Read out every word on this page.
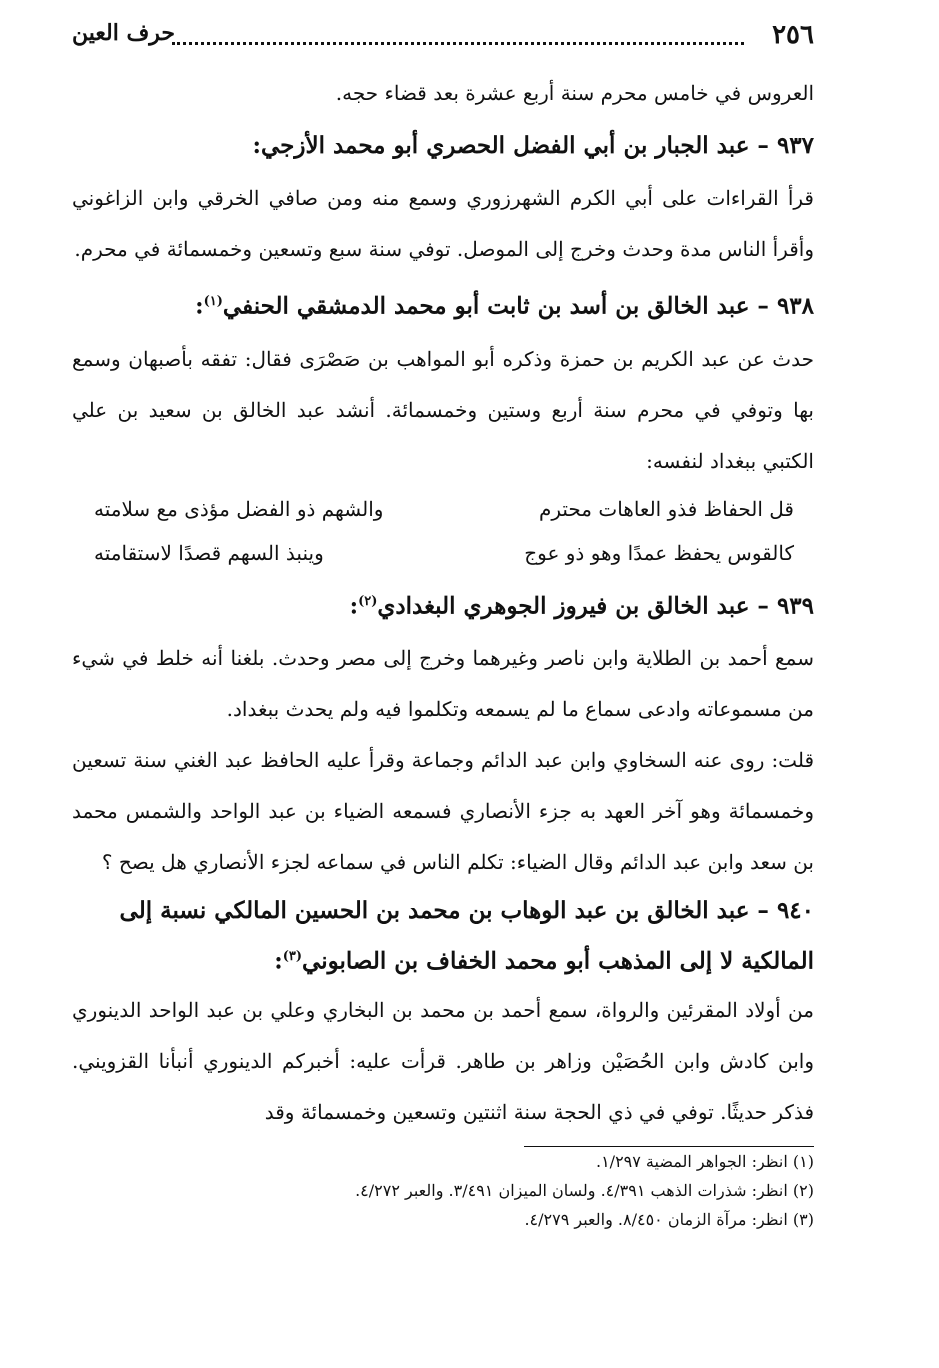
٢٥٦
حرف العين

العروس في خامس محرم سنة أربع عشرة بعد قضاء حجه.

٩٣٧ – عبد الجبار بن أبي الفضل الحصري أبو محمد الأزجي:

قرأ القراءات على أبي الكرم الشهرزوري وسمع منه ومن صافي الخرقي وابن الزاغوني وأقرأ الناس مدة وحدث وخرج إلى الموصل. توفي سنة سبع وتسعين وخمسمائة في محرم.

٩٣٨ – عبد الخالق بن أسد بن ثابت أبو محمد الدمشقي الحنفي$^{(١)}$:

حدث عن عبد الكريم بن حمزة وذكره أبو المواهب بن صَصْرَى فقال: تفقه بأصبهان وسمع بها وتوفي في محرم سنة أربع وستين وخمسمائة. أنشد عبد الخالق بن سعيد بن علي الكتبي ببغداد لنفسه:

قل الحفاظ فذو العاهات محترم
والشهم ذو الفضل مؤذى مع سلامته
كالقوس يحفظ عمدًا وهو ذو عوج
وينبذ السهم قصدًا لاستقامته
٩٣٩ – عبد الخالق بن فيروز الجوهري البغدادي$^{(٢)}$:

سمع أحمد بن الطلاية وابن ناصر وغيرهما وخرج إلى مصر وحدث. بلغنا أنه خلط في شيء من مسموعاته وادعى سماع ما لم يسمعه وتكلموا فيه ولم يحدث ببغداد.

قلت: روى عنه السخاوي وابن عبد الدائم وجماعة وقرأ عليه الحافظ عبد الغني سنة تسعين وخمسمائة وهو آخر العهد به جزء الأنصاري فسمعه الضياء بن عبد الواحد والشمس محمد بن سعد وابن عبد الدائم وقال الضياء: تكلم الناس في سماعه لجزء الأنصاري هل يصح ؟

٩٤٠ – عبد الخالق بن عبد الوهاب بن محمد بن الحسين المالكي نسبة إلى المالكية لا إلى المذهب أبو محمد الخفاف بن الصابوني$^{(٣)}$:

من أولاد المقرئين والرواة، سمع أحمد بن محمد بن البخاري وعلي بن عبد الواحد الدينوري وابن كادش وابن الحُصَيْن وزاهر بن طاهر. قرأت عليه: أخبركم الدينوري أنبأنا القزويني. فذكر حديثًا. توفي في ذي الحجة سنة اثنتين وتسعين وخمسمائة وقد

(١) انظر: الجواهر المضية ١/٢٩٧.
(٢) انظر: شذرات الذهب ٤/٣٩١. ولسان الميزان ٣/٤٩١. والعبر ٤/٢٧٢.
(٣) انظر: مرآة الزمان ٨/٤٥٠. والعبر ٤/٢٧٩.
